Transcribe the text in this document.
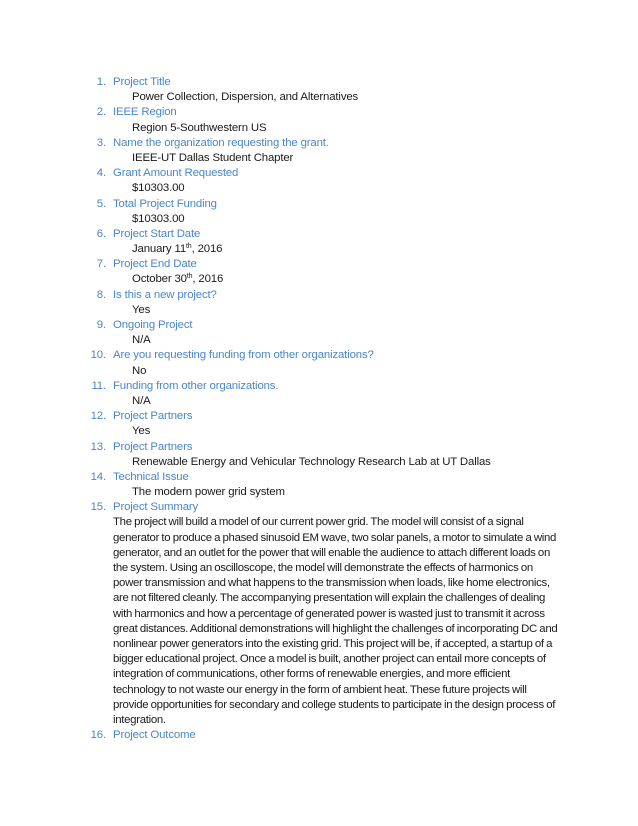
1. Project Title
Power Collection, Dispersion, and Alternatives
2. IEEE Region
Region 5-Southwestern US
3. Name the organization requesting the grant.
IEEE-UT Dallas Student Chapter
4. Grant Amount Requested
$10303.00
5. Total Project Funding
$10303.00
6. Project Start Date
January 11th, 2016
7. Project End Date
October 30th, 2016
8. Is this a new project?
Yes
9. Ongoing Project
N/A
10. Are you requesting funding from other organizations?
No
11. Funding from other organizations.
N/A
12. Project Partners
Yes
13. Project Partners
Renewable Energy and Vehicular Technology Research Lab at UT Dallas
14. Technical Issue
The modern power grid system
15. Project Summary

The project will build a model of our current power grid. The model will consist of a signal
generator to produce a phased sinusoid EM wave, two solar panels, a motor to simulate a wind
generator, and an outlet for the power that will enable the audience to attach different loads on
the system. Using an oscilloscope, the model will demonstrate the effects of harmonics on
power transmission and what happens to the transmission when loads, like home electronics,
are not filtered cleanly. The accompanying presentation will explain the challenges of dealing
with harmonics and how a percentage of generated power is wasted just to transmit it across
great distances. Additional demonstrations will highlight the challenges of incorporating DC and
nonlinear power generators into the existing grid. This project will be, if accepted, a startup of a
bigger educational project. Once a model is built, another project can entail more concepts of
integration of communications, other forms of renewable energies, and more efficient
technology to not waste our energy in the form of ambient heat. These future projects will
provide opportunities for secondary and college students to participate in the design process of
integration.

16. Project Outcome
